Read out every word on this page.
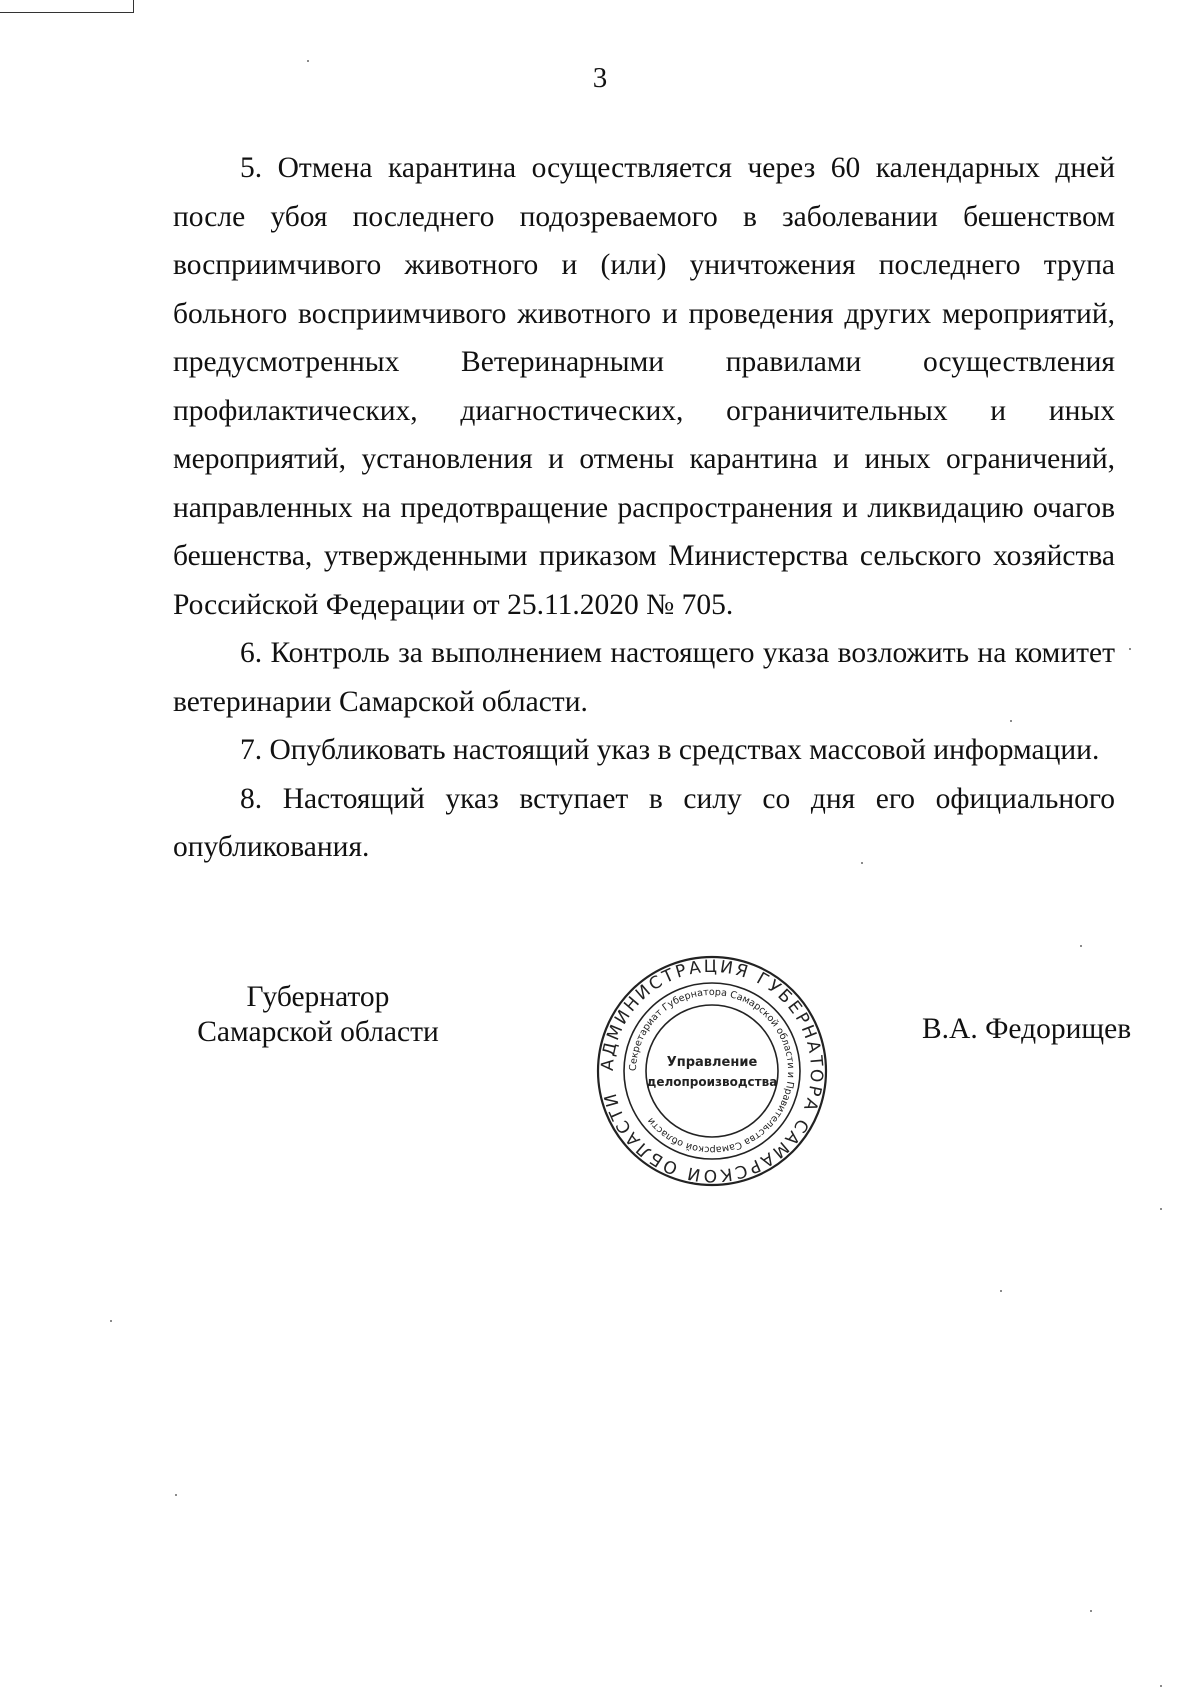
3

5. Отмена карантина осуществляется через 60 календарных дней после убоя последнего подозреваемого в заболевании бешенством восприимчивого животного и (или) уничтожения последнего трупа больного восприимчивого животного и проведения других мероприятий, предусмотренных Ветеринарными правилами осуществления профилактических, диагностических, ограничительных и иных мероприятий, установления и отмены карантина и иных ограничений, направленных на предотвращение распространения и ликвидацию очагов бешенства, утвержденными приказом Министерства сельского хозяйства Российской Федерации от 25.11.2020 № 705.

6. Контроль за выполнением настоящего указа возложить на комитет ветеринарии Самарской области.

7. Опубликовать настоящий указ в средствах массовой информации.

8. Настоящий указ вступает в силу со дня его официального опубликования.

Губернатор
Самарской области	В.А. Федорищев
АДМИНИСТРАЦИЯ ГУБЕРНАТОРА САМАРСКОЙ ОБЛАСТИ
Секретариат Губернатора Самарской области и Правительства Самарской области
Управление
делопроизводства
